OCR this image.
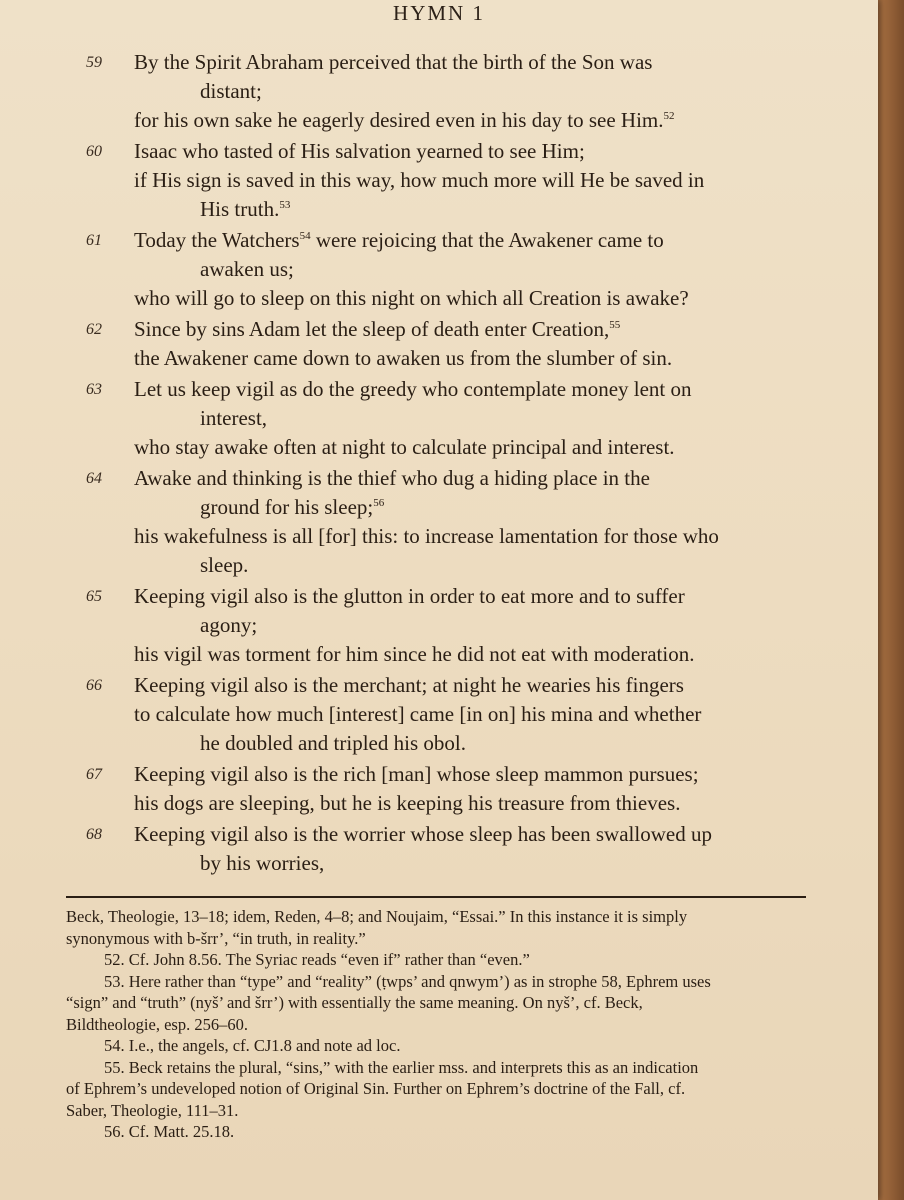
HYMN 1
59	By the Spirit Abraham perceived that the birth of the Son was
distant;
for his own sake he eagerly desired even in his day to see Him.$^{52}$
60	Isaac who tasted of His salvation yearned to see Him;
if His sign is saved in this way, how much more will He be saved in
His truth.$^{53}$
61	Today the Watchers$^{54}$ were rejoicing that the Awakener came to
awaken us;
who will go to sleep on this night on which all Creation is awake?
62	Since by sins Adam let the sleep of death enter Creation,$^{55}$
the Awakener came down to awaken us from the slumber of sin.
63	Let us keep vigil as do the greedy who contemplate money lent on
interest,
who stay awake often at night to calculate principal and interest.
64	Awake and thinking is the thief who dug a hiding place in the
ground for his sleep;$^{56}$
his wakefulness is all [for] this: to increase lamentation for those who
sleep.
65	Keeping vigil also is the glutton in order to eat more and to suffer
agony;
his vigil was torment for him since he did not eat with moderation.
66	Keeping vigil also is the merchant; at night he wearies his fingers
to calculate how much [interest] came [in on] his mina and whether
he doubled and tripled his obol.
67	Keeping vigil also is the rich [man] whose sleep mammon pursues;
his dogs are sleeping, but he is keeping his treasure from thieves.
68	Keeping vigil also is the worrier whose sleep has been swallowed up
by his worries,
Beck, Theologie, 13–18; idem, Reden, 4–8; and Noujaim, “Essai.” In this instance it is simply
synonymous with b-šrr’, “in truth, in reality.”
52. Cf. John 8.56. The Syriac reads “even if” rather than “even.”
53. Here rather than “type” and “reality” (ṭwps’ and qnwym’) as in strophe 58, Ephrem uses
“sign” and “truth” (nyš’ and šrr’) with essentially the same meaning. On nyš’, cf. Beck,
Bildtheologie, esp. 256–60.
54. I.e., the angels, cf. CJ1.8 and note ad loc.
55. Beck retains the plural, “sins,” with the earlier mss. and interprets this as an indication
of Ephrem’s undeveloped notion of Original Sin. Further on Ephrem’s doctrine of the Fall, cf.
Saber, Theologie, 111–31.
56. Cf. Matt. 25.18.
